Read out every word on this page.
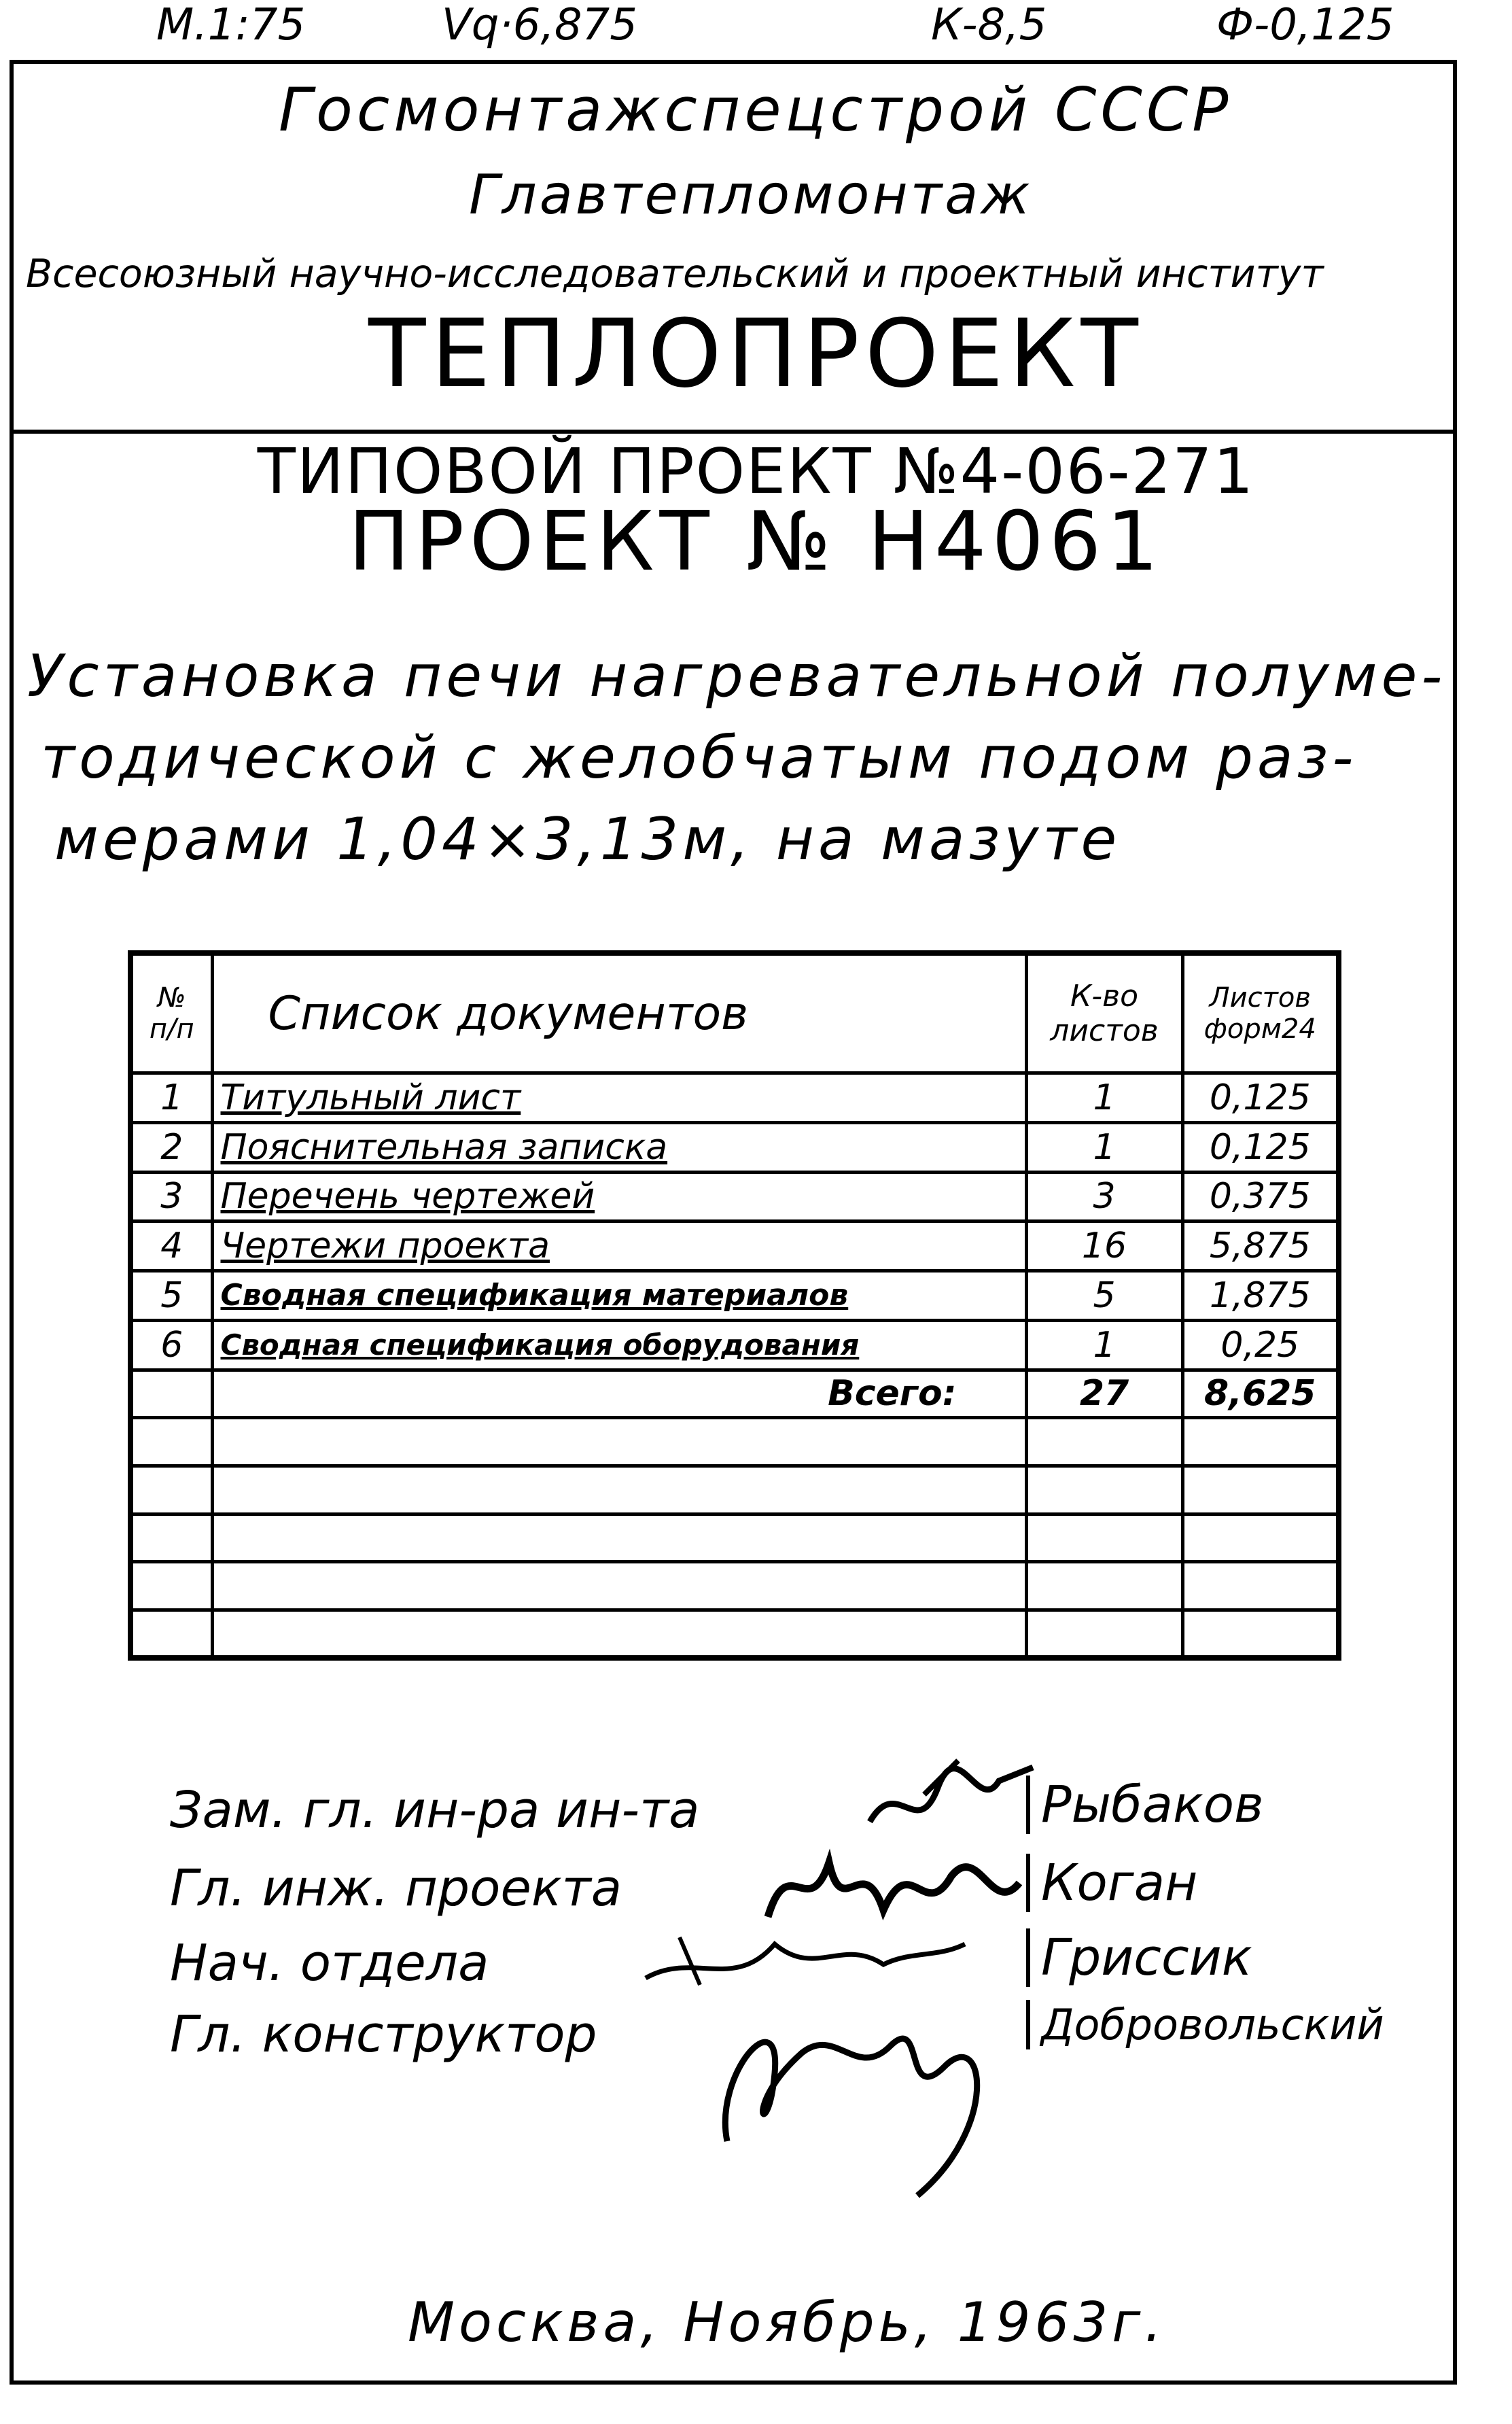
М.1:75	Vq·6,875	К-8,5	Ф-0,125
Госмонтажспецстрой СССР
Главтепломонтаж
Всесоюзный научно-исследовательский и проектный институт
ТЕПЛОПРОЕКТ
ТИПОВОЙ ПРОЕКТ №4-06-271
ПРОЕКТ № Н4061
Установка печи нагревательной полуме-
тодической с желобчатым подом раз-
мерами 1,04×3,13м, на мазуте
№ п/п	Список документов	К-во листов	Листов форм24
1	Титульный лист	1	0,125
2	Пояснительная записка	1	0,125
3	Перечень чертежей	3	0,375
4	Чертежи проекта	16	5,875
5	Сводная спецификация материалов	5	1,875
6	Сводная спецификация оборудования	1	0,25
	Всего:	27	8,625

Зам. гл. ин-ра ин-та
Гл. инж. проекта
Нач. отдела
Гл. конструктор
Рыбаков
Коган
Гриссик
Добровольский
Москва, Ноябрь, 1963г.
